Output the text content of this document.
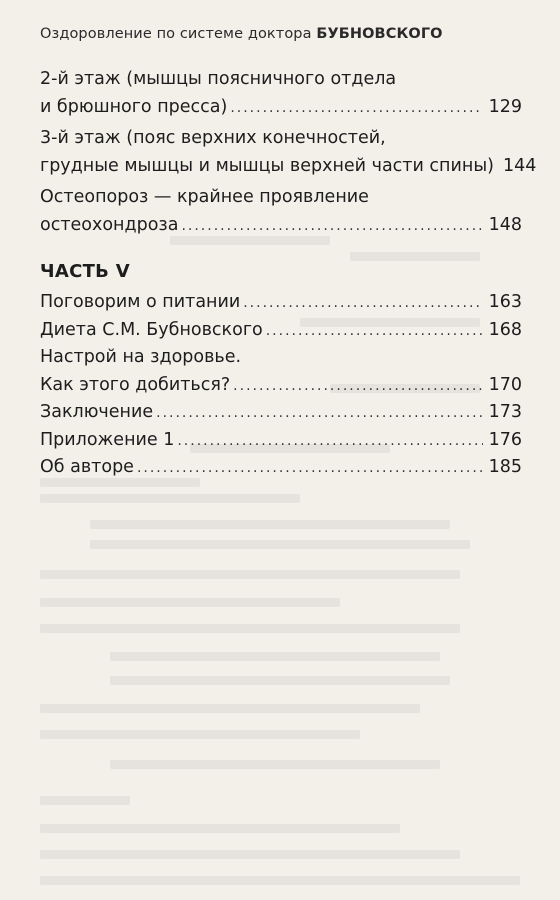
Оздоровление по системе доктора БУБНОВСКОГО
2-й этаж (мышцы поясничного отдела
и брюшного пресса) .....	129
3-й этаж (пояс верхних конечностей,
грудные мышцы и мышцы верхней части спины) 144
Остеопороз — крайнее проявление
остеохондроза .....	148
ЧАСТЬ V
Поговорим о питании .....	163
Диета С.М. Бубновского .....	168
Настрой на здоровье.
Как этого добиться? .....	170
Заключение .....	173
Приложение 1 .....	176
Об авторе .....	185
